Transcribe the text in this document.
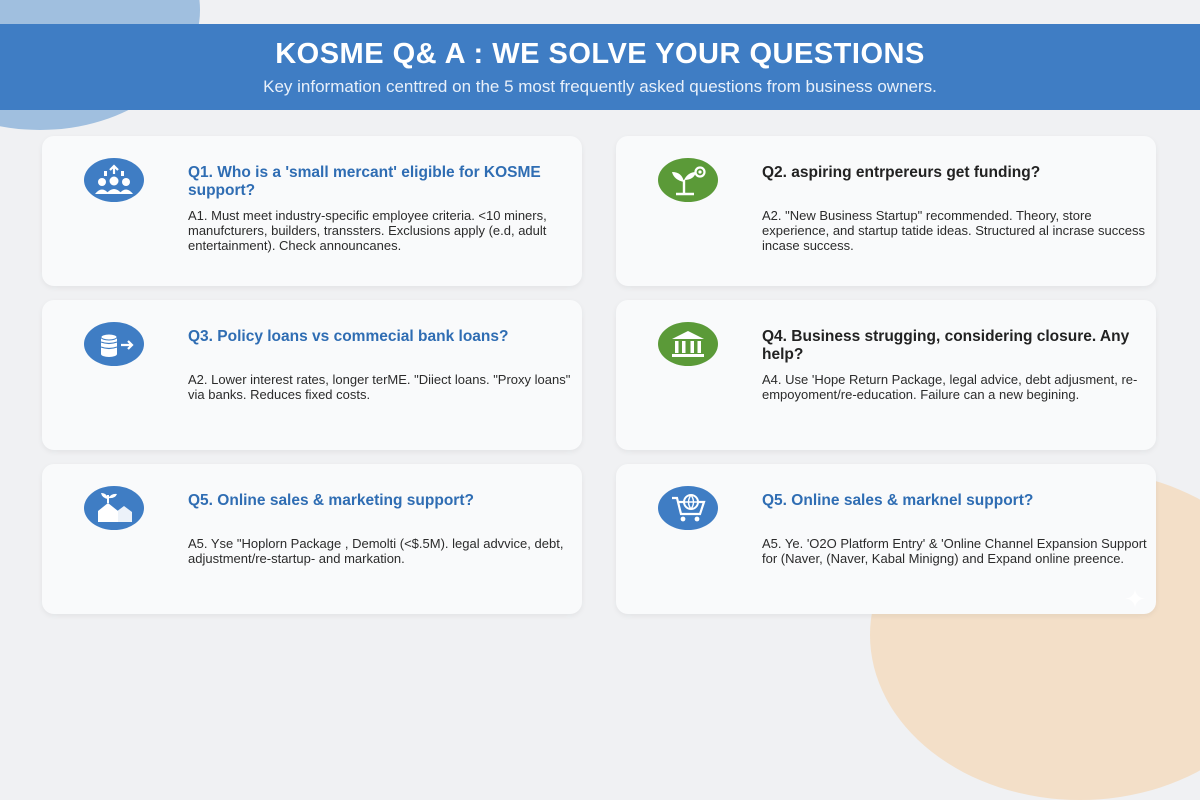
KOSME Q& A : WE SOLVE YOUR QUESTIONS

Key information centtred on the 5 most frequently asked questions from business owners.

Q1. Who is a 'small mercant' eligible for KOSME support?

A1. Must meet industry-specific employee criteria. <10 miners, manufcturers, builders, transsters. Exclusions apply (e.d, adult entertainment). Check announcanes.

Q2. aspiring entrpereurs get funding?

A2. "New Business Startup" recommended. Theory, store experience, and startup tatide ideas. Structured al incrase success incase success.

Q3. Policy loans vs commecial bank loans?

A2. Lower interest rates, longer terME. "Diiect loans. "Proxy loans" via banks. Reduces fixed costs.

Q4. Business strugging, considering closure. Any help?

A4. Use 'Hope Return Pac​kage, legal advice, debt adjusment, re-empoyoment/re-education. Failure can a new begining.

Q5. Online sales & marketing support?

A5. Yse "Hoplorn Package , Demolti (<$.5M). legal advvice, debt, adjustment/re-startup- and markation.

Q5. Online sales & marknel support?

A5. Ye. 'O2O Platform Entry' & 'Online Channel Expansion Support for (Naver, (Naver, Kabal Minigng) and Expand online preence.

✦
